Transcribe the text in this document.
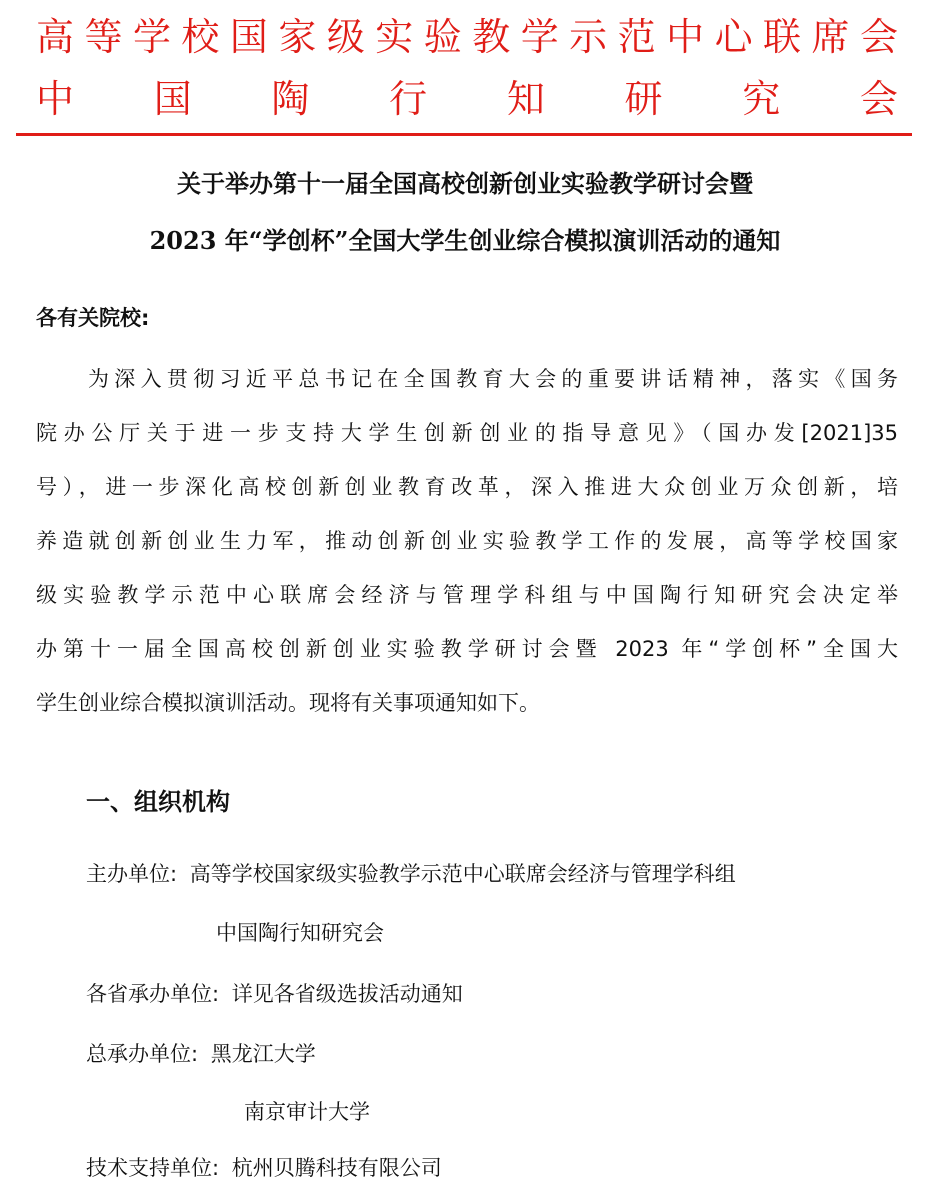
高等学校国家级实验教学示范中心联席会
中 国 陶 行 知 研 究 会
关于举办第十一届全国高校创新创业实验教学研讨会暨
2023 年“学创杯”全国大学生创业综合模拟演训活动的通知
各有关院校:
为深入贯彻习近平总书记在全国教育大会的重要讲话精神，落实《国务
院办公厅关于进一步支持大学生创新创业的指导意见》（国办发[2021]35
号），进一步深化高校创新创业教育改革，深入推进大众创业万众创新，培
养造就创新创业生力军，推动创新创业实验教学工作的发展，高等学校国家
级实验教学示范中心联席会经济与管理学科组与中国陶行知研究会决定举
办第十一届全国高校创新创业实验教学研讨会暨 2023 年“学创杯”全国大
学生创业综合模拟演训活动。现将有关事项通知如下。
一、组织机构
主办单位: 高等学校国家级实验教学示范中心联席会经济与管理学科组
中国陶行知研究会
各省承办单位: 详见各省级选拔活动通知
总承办单位: 黑龙江大学
南京审计大学
技术支持单位: 杭州贝腾科技有限公司
